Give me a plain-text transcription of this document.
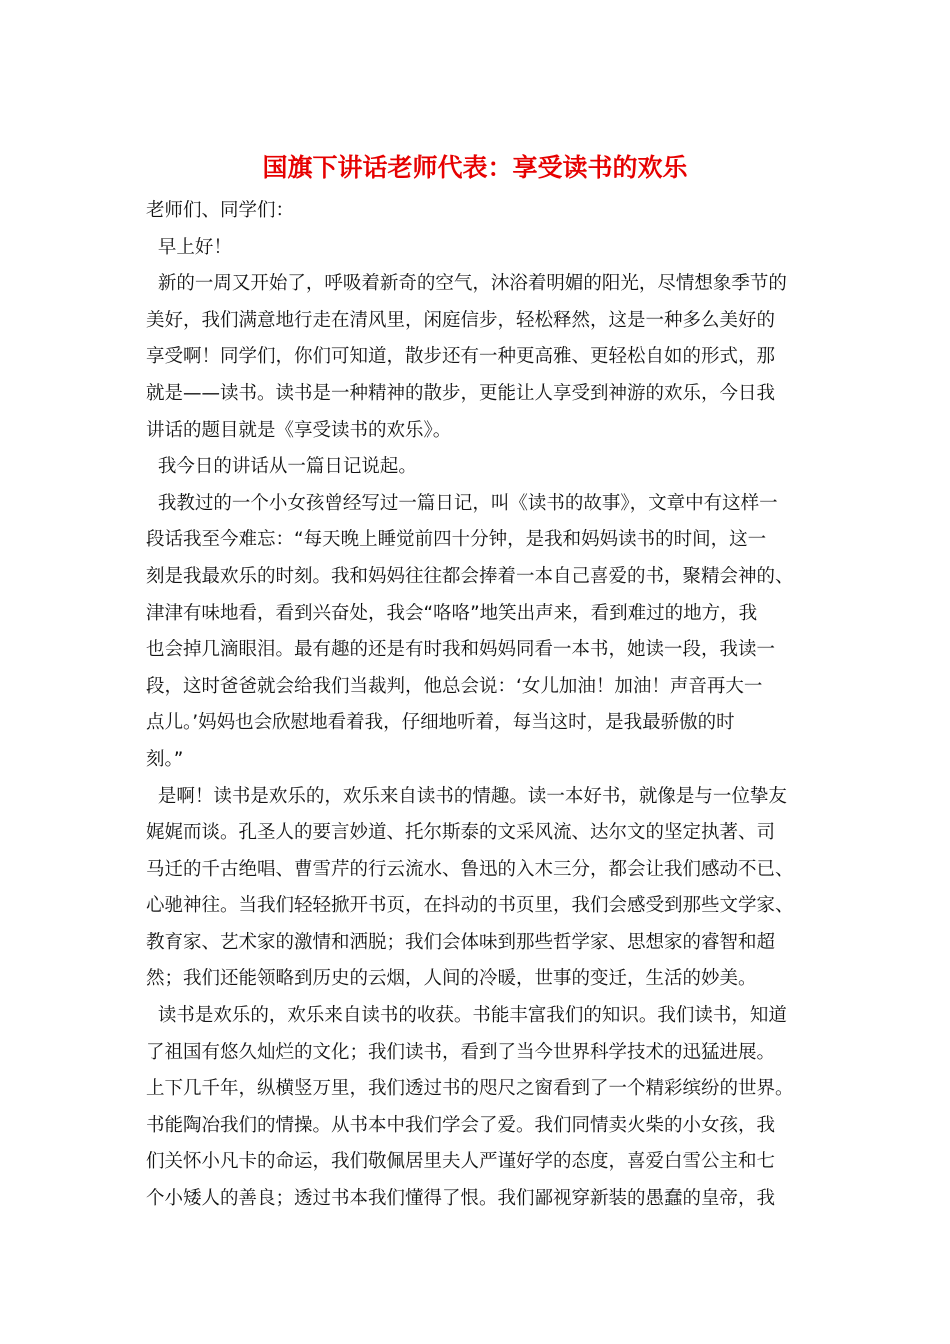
国旗下讲话老师代表：享受读书的欢乐
老师们、同学们：
早上好！
新的一周又开始了，呼吸着新奇的空气，沐浴着明媚的阳光，尽情想象季节的
美好，我们满意地行走在清风里，闲庭信步，轻松释然，这是一种多么美好的
享受啊！同学们，你们可知道，散步还有一种更高雅、更轻松自如的形式，那
就是——读书。读书是一种精神的散步，更能让人享受到神游的欢乐，今日我
讲话的题目就是《享受读书的欢乐》。
我今日的讲话从一篇日记说起。
我教过的一个小女孩曾经写过一篇日记，叫《读书的故事》，文章中有这样一
段话我至今难忘：“每天晚上睡觉前四十分钟，是我和妈妈读书的时间，这一
刻是我最欢乐的时刻。我和妈妈往往都会捧着一本自己喜爱的书，聚精会神的、
津津有味地看，看到兴奋处，我会“咯咯”地笑出声来，看到难过的地方，我
也会掉几滴眼泪。最有趣的还是有时我和妈妈同看一本书，她读一段，我读一
段，这时爸爸就会给我们当裁判，他总会说：‘女儿加油！加油！声音再大一
点儿。’妈妈也会欣慰地看着我，仔细地听着，每当这时，是我最骄傲的时
刻。”
是啊！读书是欢乐的，欢乐来自读书的情趣。读一本好书，就像是与一位挚友
娓娓而谈。孔圣人的要言妙道、托尔斯泰的文采风流、达尔文的坚定执著、司
马迁的千古绝唱、曹雪芹的行云流水、鲁迅的入木三分，都会让我们感动不已、
心驰神往。当我们轻轻掀开书页，在抖动的书页里，我们会感受到那些文学家、
教育家、艺术家的激情和洒脱；我们会体味到那些哲学家、思想家的睿智和超
然；我们还能领略到历史的云烟，人间的冷暖，世事的变迁，生活的妙美。
读书是欢乐的，欢乐来自读书的收获。书能丰富我们的知识。我们读书，知道
了祖国有悠久灿烂的文化；我们读书，看到了当今世界科学技术的迅猛进展。
上下几千年，纵横竖万里，我们透过书的咫尺之窗看到了一个精彩缤纷的世界。
书能陶冶我们的情操。从书本中我们学会了爱。我们同情卖火柴的小女孩，我
们关怀小凡卡的命运，我们敬佩居里夫人严谨好学的态度，喜爱白雪公主和七
个小矮人的善良；透过书本我们懂得了恨。我们鄙视穿新装的愚蠢的皇帝，我
